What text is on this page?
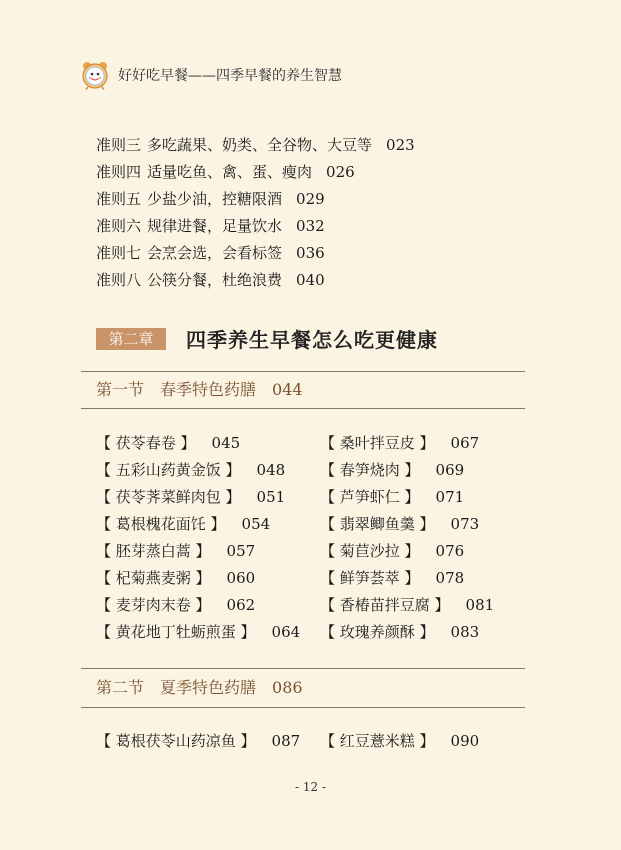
好好吃早餐——四季早餐的养生智慧
准则三 多吃蔬果、奶类、全谷物、大豆等 023
准则四 适量吃鱼、禽、蛋、瘦肉 026
准则五 少盐少油，控糖限酒 029
准则六 规律进餐，足量饮水 032
准则七 会烹会选，会看标签 036
准则八 公筷分餐，杜绝浪费 040
第二章	四季养生早餐怎么吃更健康
第一节 春季特色药膳 044
【 茯苓春卷 】 045
【 五彩山药黄金饭 】 048
【 茯苓荠菜鲜肉包 】 051
【 葛根槐花面饦 】 054
【 胚芽蒸白蒿 】 057
【 杞菊燕麦粥 】 060
【 麦芽肉末卷 】 062
【 黄花地丁牡蛎煎蛋 】 064
【 桑叶拌豆皮 】 067
【 春笋烧肉 】 069
【 芦笋虾仁 】 071
【 翡翠鲫鱼羹 】 073
【 菊苣沙拉 】 076
【 鲜笋荟萃 】 078
【 香椿苗拌豆腐 】 081
【 玫瑰养颜酥 】 083
第二节 夏季特色药膳 086
【 葛根茯苓山药凉鱼 】 087 【 红豆薏米糕 】 090
- 12 -
